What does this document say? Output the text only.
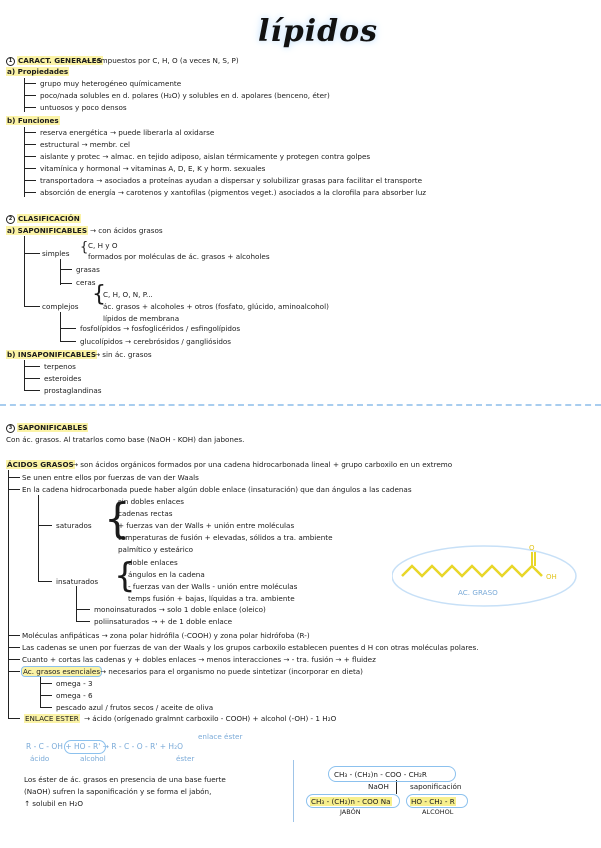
lípidos
1 CARACT. GENERALES
→ compuestos por C, H, O (a veces N, S, P)
a) Propiedades
grupo muy heterogéneo químicamente
poco/nada solubles en d. polares (H₂O) y solubles en d. apolares (benceno, éter)
untuosos y poco densos
b) Funciones
reserva energética → puede liberarla al oxidarse
estructural → membr. cel
aislante y protec → almac. en tejido adiposo, aislan térmicamente y protegen contra golpes
vitamínica y hormonal → vitaminas A, D, E, K y horm. sexuales
transportadora → asociados a proteínas ayudan a dispersar y solubilizar grasas para facilitar el transporte
absorción de energía → carotenos y xantofilas (pigmentos veget.) asociados a la clorofila para absorber luz
2 CLASIFICACIÓN
a) SAPONIFICABLES → con ácidos grasos
simples { C, H y O
formados por moléculas de ác. grasos + alcoholes
grasas
ceras
complejos {
C, H, O, N, P...
ác. grasos + alcoholes + otros (fosfato, glúcido, aminoalcohol)
lípidos de membrana
fosfolípidos → fosfoglicéridos / esfingolípidos
glucolípidos → cerebrósidos / gangliósidos
b) INSAPONIFICABLES
→ sin ác. grasos
terpenos
esteroides
prostaglandinas
3 SAPONIFICABLES
Con ác. grasos. Al tratarlos como base (NaOH - KOH) dan jabones.
ÁCIDOS GRASOS
→ son ácidos orgánicos formados por una cadena hidrocarbonada lineal + grupo carboxilo en un extremo
Se unen entre ellos por fuerzas de van der Waals
En la cadena hidrocarbonada puede haber algún doble enlace (insaturación) que dan ángulos a las cadenas
saturados {
sin dobles enlaces
cadenas rectas
+ fuerzas van der Walls + unión entre moléculas
temperaturas de fusión + elevadas, sólidos a tra. ambiente
palmítico y esteárico
insaturados {
doble enlaces
ángulos en la cadena
- fuerzas van der Walls - unión entre moléculas
temps fusión + bajas, líquidas a tra. ambiente
monoinsaturados → solo 1 doble enlace (oleico)
poliinsaturados → + de 1 doble enlace
Moléculas anfipáticas → zona polar hidrófila (-COOH) y zona polar hidrófoba (R-)
Las cadenas se unen por fuerzas de van der Waals y los grupos carboxilo establecen puentes d H con otras moléculas polares.
Cuanto + cortas las cadenas y + dobles enlaces → menos interacciones → - tra. fusión → + fluidez
Ac. grasos esenciales → necesarios para el organismo no puede sintetizar (incorporar en dieta)
omega - 3
omega - 6
pescado azul / frutos secos / aceite de oliva
ENLACE ESTER → ácido (orígenado gralmnt carboxilo - COOH) + alcohol (-OH) - 1 H₂O
O
OH
AC. GRASO
R - C - OH + HO - R' → R - C - O - R' + H₂O
ácido	alcohol	éster
enlace éster
Los éster de ác. grasos en presencia de una base fuerte
(NaOH) sufren la saponificación y se forma el jabón,
↑ solubil en H₂O
CH₃ - (CH₂)n - COO - CH₂R
NaOH	saponificación
CH₃ - (CH₂)n - COO Na	HO - CH₂ - R
JABÓN	ALCOHOL
